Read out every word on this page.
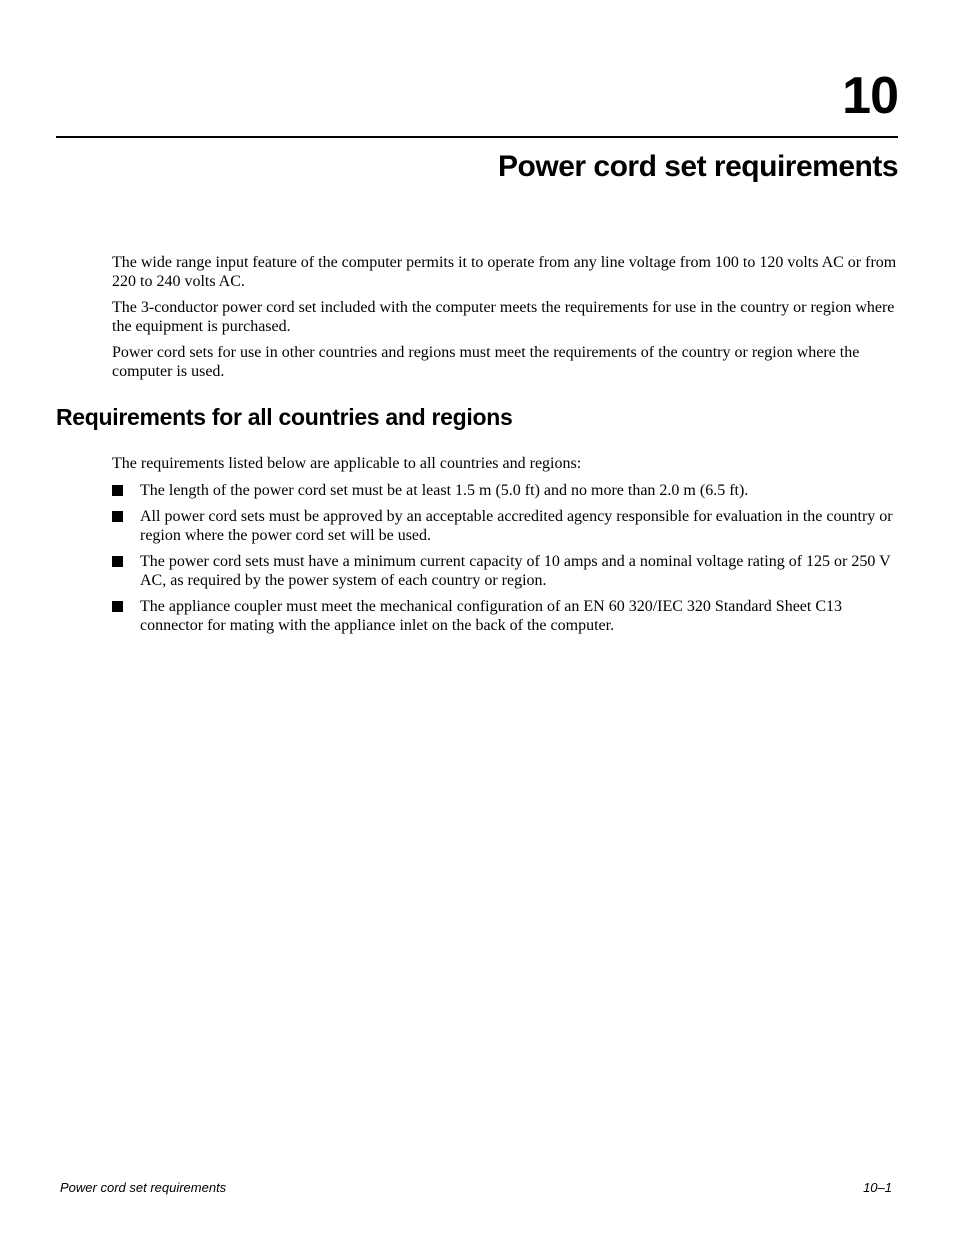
10
Power cord set requirements

The wide range input feature of the computer permits it to operate from any line voltage from 100 to 120 volts AC or from 220 to 240 volts AC.

The 3-conductor power cord set included with the computer meets the requirements for use in the country or region where the equipment is purchased.

Power cord sets for use in other countries and regions must meet the requirements of the country or region where the computer is used.

Requirements for all countries and regions

The requirements listed below are applicable to all countries and regions:

The length of the power cord set must be at least 1.5 m (5.0 ft) and no more than 2.0 m (6.5 ft).

All power cord sets must be approved by an acceptable accredited agency responsible for evaluation in the country or region where the power cord set will be used.

The power cord sets must have a minimum current capacity of 10 amps and a nominal voltage rating of 125 or 250 V AC, as required by the power system of each country or region.

The appliance coupler must meet the mechanical configuration of an EN 60 320/IEC 320 Standard Sheet C13 connector for mating with the appliance inlet on the back of the computer.

Power cord set requirements	10–1
